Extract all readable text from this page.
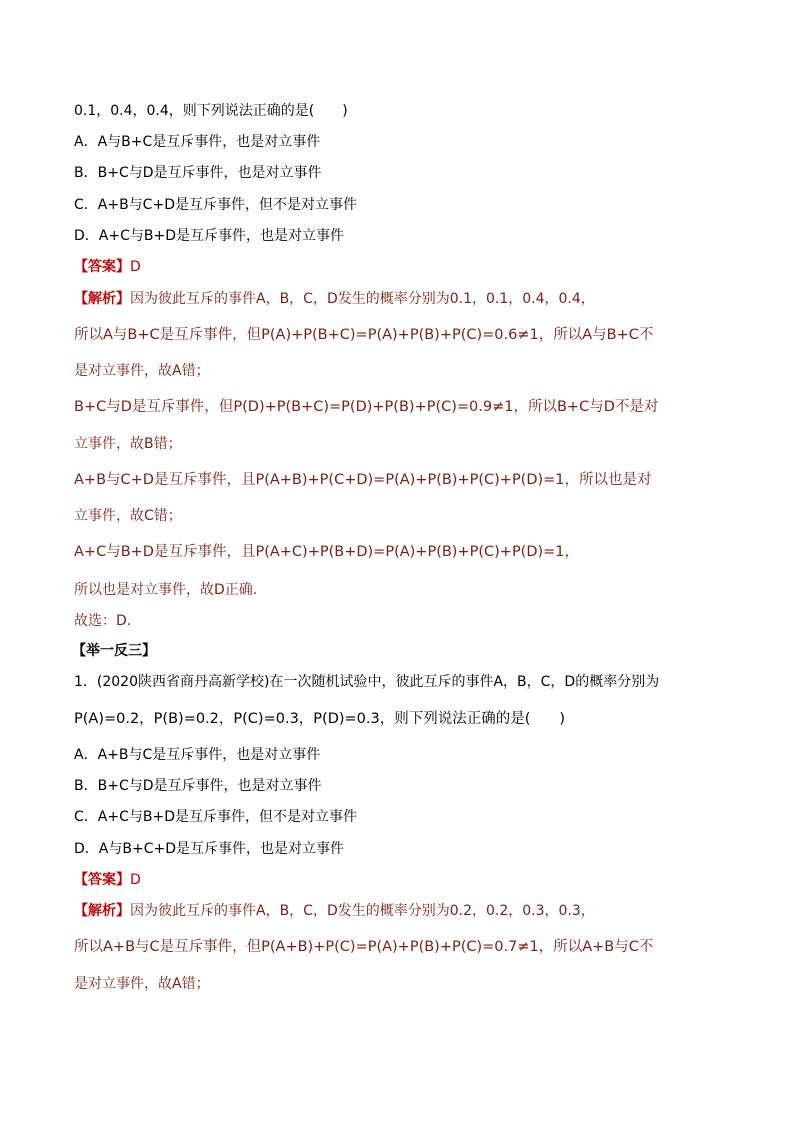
0.1，0.4，0.4，则下列说法正确的是(　　)
A．A与B+C是互斥事件，也是对立事件
B．B+C与D是互斥事件，也是对立事件
C．A+B与C+D是互斥事件，但不是对立事件
D．A+C与B+D是互斥事件，也是对立事件
【答案】D
【解析】因为彼此互斥的事件A，B，C，D发生的概率分别为0.1，0.1，0.4，0.4，
所以A与B+C是互斥事件，但P(A)+P(B+C)=P(A)+P(B)+P(C)=0.6≠1，所以A与B+C不
是对立事件，故A错；
B+C与D是互斥事件，但P(D)+P(B+C)=P(D)+P(B)+P(C)=0.9≠1，所以B+C与D不是对
立事件，故B错；
A+B与C+D是互斥事件，且P(A+B)+P(C+D)=P(A)+P(B)+P(C)+P(D)=1，所以也是对
立事件，故C错；
A+C与B+D是互斥事件，且P(A+C)+P(B+D)=P(A)+P(B)+P(C)+P(D)=1，
所以也是对立事件，故D正确.
故选：D.
【举一反三】
1．(2020陕西省商丹高新学校)在一次随机试验中，彼此互斥的事件A，B，C，D的概率分别为
P(A)=0.2，P(B)=0.2，P(C)=0.3，P(D)=0.3，则下列说法正确的是(　　)
A．A+B与C是互斥事件，也是对立事件
B．B+C与D是互斥事件，也是对立事件
C．A+C与B+D是互斥事件，但不是对立事件
D．A与B+C+D是互斥事件，也是对立事件
【答案】D
【解析】因为彼此互斥的事件A，B，C，D发生的概率分别为0.2，0.2，0.3，0.3，
所以A+B与C是互斥事件，但P(A+B)+P(C)=P(A)+P(B)+P(C)=0.7≠1，所以A+B与C不
是对立事件，故A错；
